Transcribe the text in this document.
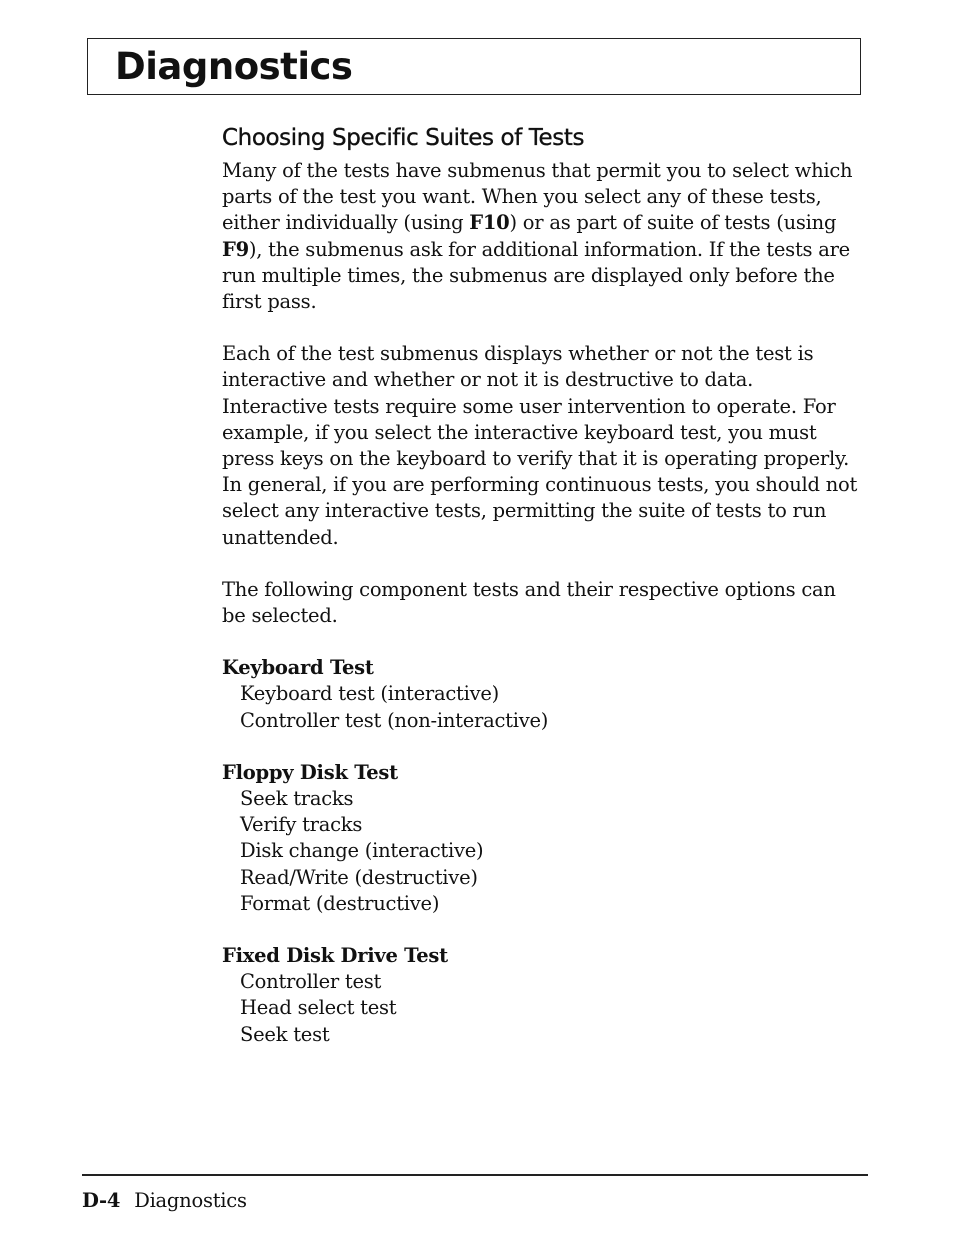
Diagnostics
Choosing Specific Suites of Tests

Many of the tests have submenus that permit you to select which parts of the test you want. When you select any of these tests, either individually (using F10) or as part of suite of tests (using F9), the submenus ask for additional information. If the tests are run multiple times, the submenus are displayed only before the first pass.

Each of the test submenus displays whether or not the test is interactive and whether or not it is destructive to data. Interactive tests require some user intervention to operate. For example, if you select the interactive keyboard test, you must press keys on the keyboard to verify that it is operating properly. In general, if you are performing continuous tests, you should not select any interactive tests, permitting the suite of tests to run unattended.

The following component tests and their respective options can be selected.

Keyboard Test
Keyboard test (interactive)
Controller test (non-interactive)
Floppy Disk Test
Seek tracks
Verify tracks
Disk change (interactive)
Read/Write (destructive)
Format (destructive)
Fixed Disk Drive Test
Controller test
Head select test
Seek test
D-4 Diagnostics
